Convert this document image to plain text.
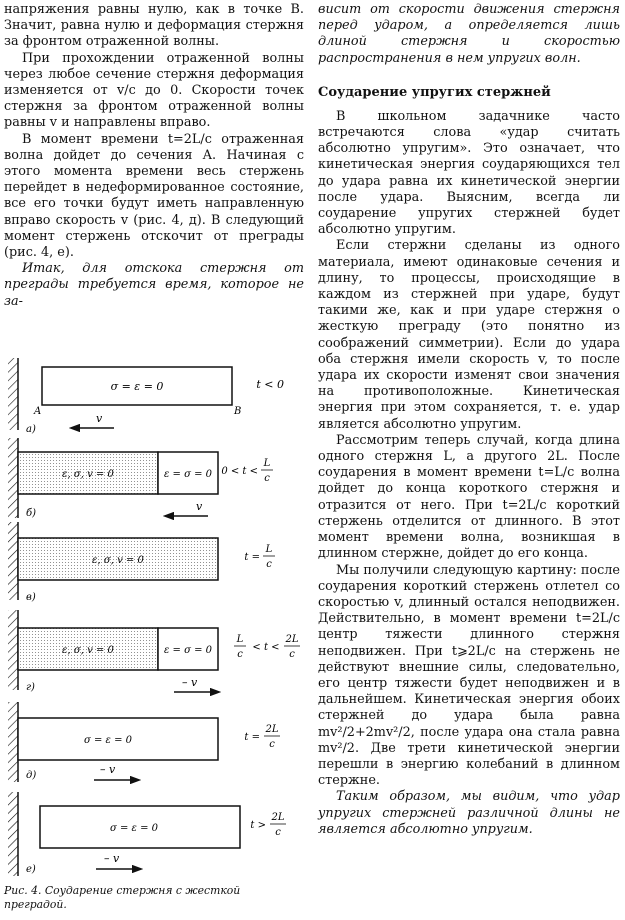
напряжения равны нулю, как в точке B. Значит, равна нулю и деформация стержня за фронтом отраженной волны.

При прохождении отраженной волны через любое сечение стержня деформация изменяется от v/c до 0. Скорости точек стержня за фронтом отраженной волны равны v и направлены вправо.

В момент времени t=2L/c отраженная волна дойдет до сечения A. Начиная с этого момента времени весь стержень перейдет в недеформированное состояние, все его точки будут иметь направленную вправо скорость v (рис. 4, д). В следующий момент стержень отскочит от преграды (рис. 4, е).

Итак, для отскока стержня от преграды требуется время, которое не за-

висит от скорости движения стержня перед ударом, а определяется лишь длиной стержня и скоростью распространения в нем упругих волн.

Соударение упругих стержней

В школьном задачнике часто встречаются слова «удар считать абсолютно упругим». Это означает, что кинетическая энергия соударяющихся тел до удара равна их кинетической энергии после удара. Выясним, всегда ли соударение упругих стержней будет абсолютно упругим.

Если стержни сделаны из одного материала, имеют одинаковые сечения и длину, то процессы, происходящие в каждом из стержней при ударе, будут такими же, как и при ударе стержня о жесткую преграду (это понятно из соображений симметрии). Если до удара оба стержня имели скорость v, то после удара их скорости изменят свои значения на противоположные. Кинетическая энергия при этом сохраняется, т. е. удар является абсолютно упругим.

Рассмотрим теперь случай, когда длина одного стержня L, а другого 2L. После соударения в момент времени t=L/c волна дойдет до конца короткого стержня и отразится от него. При t=2L/c короткий стержень отделится от длинного. В этот момент времени волна, возникшая в длинном стержне, дойдет до его конца.

Мы получили следующую картину: после соударения короткий стержень отлетел со скоростью v, длинный остался неподвижен. Действительно, в момент времени t=2L/c центр тяжести длинного стержня неподвижен. При t⩾2L/c на стержень не действуют внешние силы, следовательно, его центр тяжести будет неподвижен и в дальнейшем. Кинетическая энергия обоих стержней до удара была равна mv²/2+2mv²/2, после удара она стала равна mv²/2. Две трети кинетической энергии перешли в энергию колебаний в длинном стержне.

Таким образом, мы видим, что удар упругих стержней различной длины не является абсолютно упругим.

σ = ε = 0
A	B
t < 0
v
а)
ε, σ, v = 0	ε = σ = 0 0 < t <
L
c
v
б)
ε, σ, v = 0	t =
L
c
в)
ε, σ, v = 0	ε = σ = 0
L
c
< t <
2L
c
– v
г)
σ = ε = 0	t =
2L
c
– v
д)
σ = ε = 0	t >
2L
c
– v
е)
Рис. 4. Соударение стержня с жесткой преградой.
